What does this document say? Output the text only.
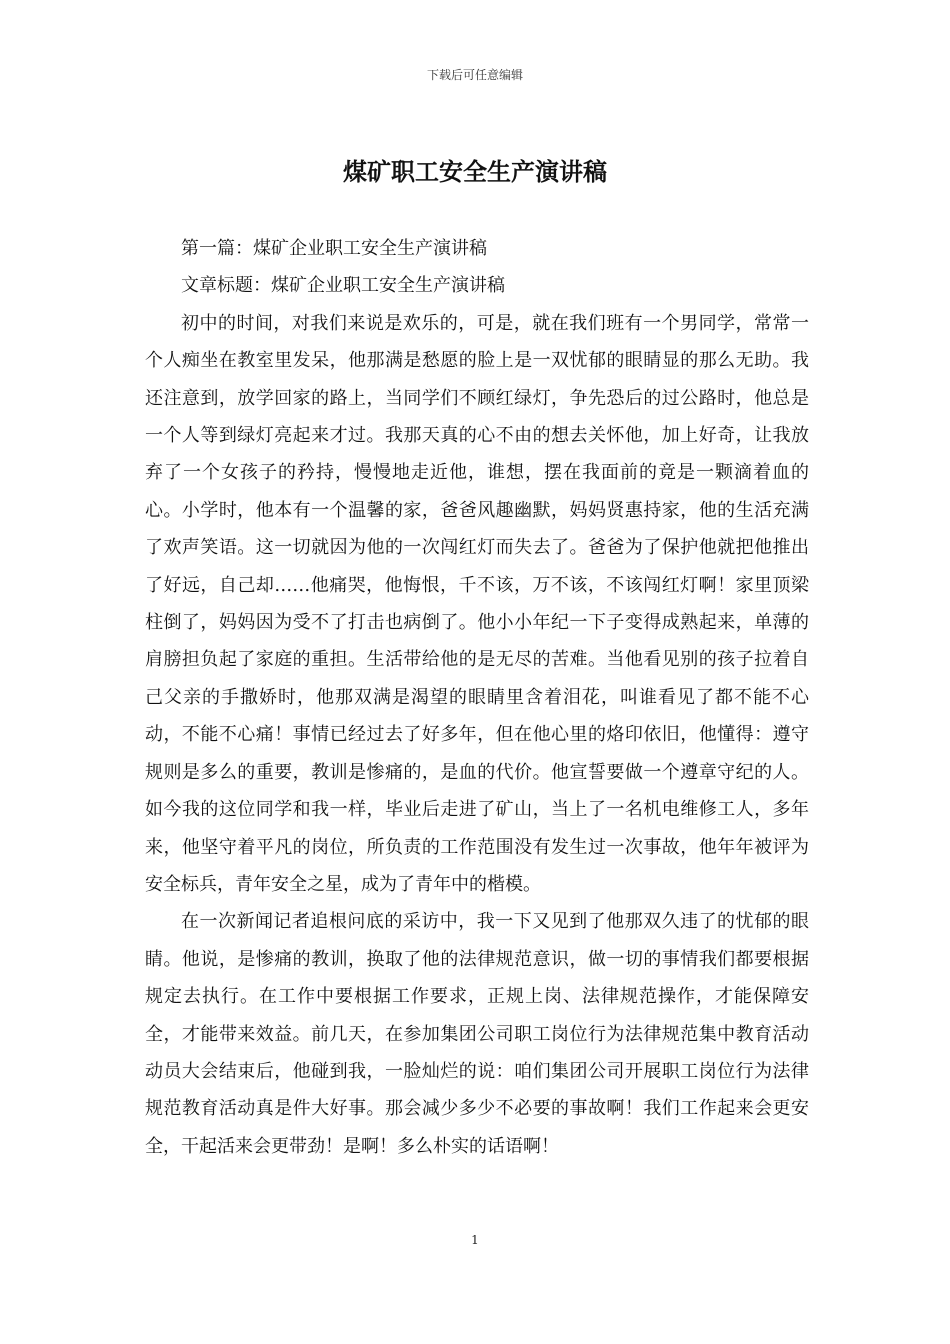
下载后可任意编辑
煤矿职工安全生产演讲稿

第一篇：煤矿企业职工安全生产演讲稿

文章标题：煤矿企业职工安全生产演讲稿

初中的时间，对我们来说是欢乐的，可是，就在我们班有一个男同学，常常一个人痴坐在教室里发呆，他那满是愁愿的脸上是一双忧郁的眼睛显的那么无助。我还注意到，放学回家的路上，当同学们不顾红绿灯，争先恐后的过公路时，他总是一个人等到绿灯亮起来才过。我那天真的心不由的想去关怀他，加上好奇，让我放弃了一个女孩子的矜持，慢慢地走近他，谁想，摆在我面前的竟是一颗滴着血的心。小学时，他本有一个温馨的家，爸爸风趣幽默，妈妈贤惠持家，他的生活充满了欢声笑语。这一切就因为他的一次闯红灯而失去了。爸爸为了保护他就把他推出了好远，自己却……他痛哭，他悔恨，千不该，万不该，不该闯红灯啊！家里顶梁柱倒了，妈妈因为受不了打击也病倒了。他小小年纪一下子变得成熟起来，单薄的肩膀担负起了家庭的重担。生活带给他的是无尽的苦难。当他看见别的孩子拉着自己父亲的手撒娇时，他那双满是渴望的眼睛里含着泪花，叫谁看见了都不能不心动，不能不心痛！事情已经过去了好多年，但在他心里的烙印依旧，他懂得：遵守规则是多么的重要，教训是惨痛的，是血的代价。他宣誓要做一个遵章守纪的人。如今我的这位同学和我一样，毕业后走进了矿山，当上了一名机电维修工人，多年来，他坚守着平凡的岗位，所负责的工作范围没有发生过一次事故，他年年被评为安全标兵，青年安全之星，成为了青年中的楷模。

在一次新闻记者追根问底的采访中，我一下又见到了他那双久违了的忧郁的眼睛。他说，是惨痛的教训，换取了他的法律规范意识，做一切的事情我们都要根据规定去执行。在工作中要根据工作要求，正规上岗、法律规范操作，才能保障安全，才能带来效益。前几天，在参加集团公司职工岗位行为法律规范集中教育活动动员大会结束后，他碰到我，一脸灿烂的说：咱们集团公司开展职工岗位行为法律规范教育活动真是件大好事。那会减少多少不必要的事故啊！我们工作起来会更安全，干起活来会更带劲！是啊！多么朴实的话语啊！

1
